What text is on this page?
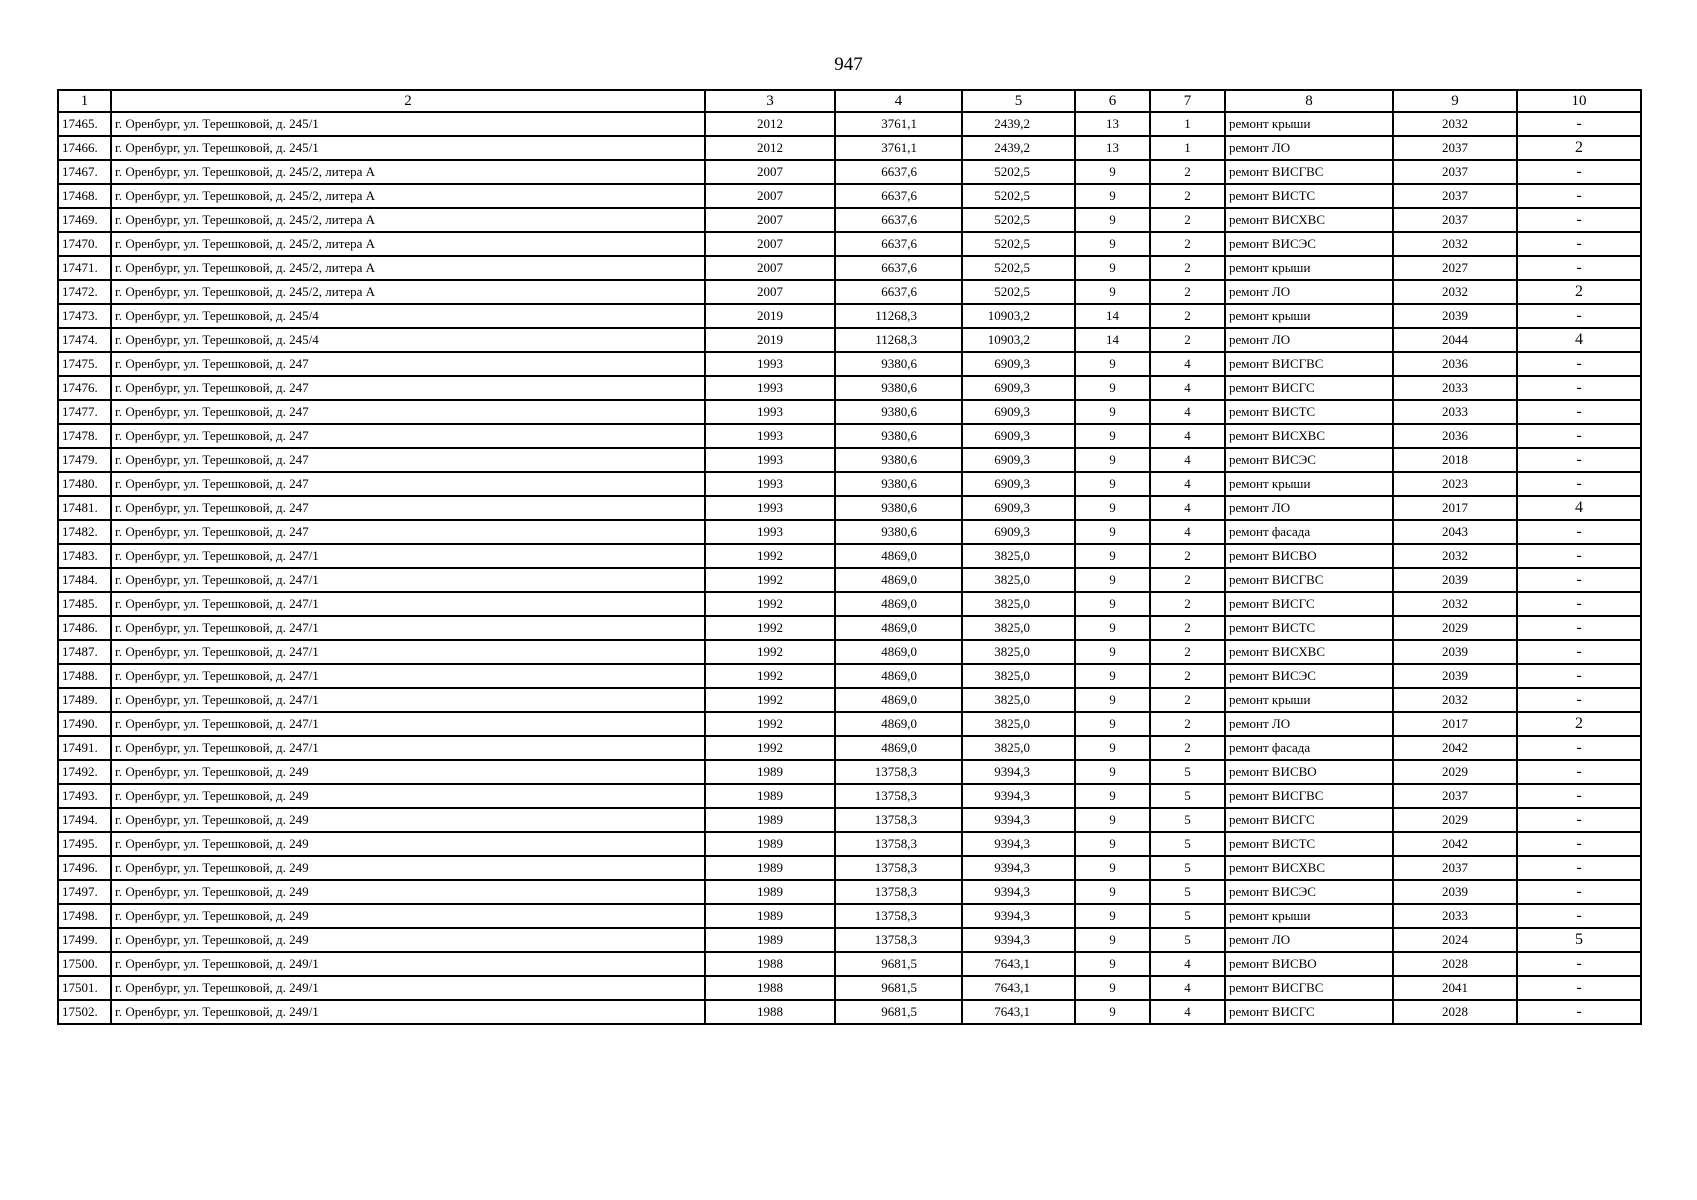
947
1	2	3	4	5	6	7	8	9	10
17465.	г. Оренбург, ул. Терешковой, д. 245/1	2012	3761,1	2439,2	13	1	ремонт крыши	2032	-
17466.	г. Оренбург, ул. Терешковой, д. 245/1	2012	3761,1	2439,2	13	1	ремонт ЛО	2037	2
17467.	г. Оренбург, ул. Терешковой, д. 245/2, литера А	2007	6637,6	5202,5	9	2	ремонт ВИСГВС	2037	-
17468.	г. Оренбург, ул. Терешковой, д. 245/2, литера А	2007	6637,6	5202,5	9	2	ремонт ВИСТС	2037	-
17469.	г. Оренбург, ул. Терешковой, д. 245/2, литера А	2007	6637,6	5202,5	9	2	ремонт ВИСХВС	2037	-
17470.	г. Оренбург, ул. Терешковой, д. 245/2, литера А	2007	6637,6	5202,5	9	2	ремонт ВИСЭС	2032	-
17471.	г. Оренбург, ул. Терешковой, д. 245/2, литера А	2007	6637,6	5202,5	9	2	ремонт крыши	2027	-
17472.	г. Оренбург, ул. Терешковой, д. 245/2, литера А	2007	6637,6	5202,5	9	2	ремонт ЛО	2032	2
17473.	г. Оренбург, ул. Терешковой, д. 245/4	2019	11268,3	10903,2	14	2	ремонт крыши	2039	-
17474.	г. Оренбург, ул. Терешковой, д. 245/4	2019	11268,3	10903,2	14	2	ремонт ЛО	2044	4
17475.	г. Оренбург, ул. Терешковой, д. 247	1993	9380,6	6909,3	9	4	ремонт ВИСГВС	2036	-
17476.	г. Оренбург, ул. Терешковой, д. 247	1993	9380,6	6909,3	9	4	ремонт ВИСГС	2033	-
17477.	г. Оренбург, ул. Терешковой, д. 247	1993	9380,6	6909,3	9	4	ремонт ВИСТС	2033	-
17478.	г. Оренбург, ул. Терешковой, д. 247	1993	9380,6	6909,3	9	4	ремонт ВИСХВС	2036	-
17479.	г. Оренбург, ул. Терешковой, д. 247	1993	9380,6	6909,3	9	4	ремонт ВИСЭС	2018	-
17480.	г. Оренбург, ул. Терешковой, д. 247	1993	9380,6	6909,3	9	4	ремонт крыши	2023	-
17481.	г. Оренбург, ул. Терешковой, д. 247	1993	9380,6	6909,3	9	4	ремонт ЛО	2017	4
17482.	г. Оренбург, ул. Терешковой, д. 247	1993	9380,6	6909,3	9	4	ремонт фасада	2043	-
17483.	г. Оренбург, ул. Терешковой, д. 247/1	1992	4869,0	3825,0	9	2	ремонт ВИСВО	2032	-
17484.	г. Оренбург, ул. Терешковой, д. 247/1	1992	4869,0	3825,0	9	2	ремонт ВИСГВС	2039	-
17485.	г. Оренбург, ул. Терешковой, д. 247/1	1992	4869,0	3825,0	9	2	ремонт ВИСГС	2032	-
17486.	г. Оренбург, ул. Терешковой, д. 247/1	1992	4869,0	3825,0	9	2	ремонт ВИСТС	2029	-
17487.	г. Оренбург, ул. Терешковой, д. 247/1	1992	4869,0	3825,0	9	2	ремонт ВИСХВС	2039	-
17488.	г. Оренбург, ул. Терешковой, д. 247/1	1992	4869,0	3825,0	9	2	ремонт ВИСЭС	2039	-
17489.	г. Оренбург, ул. Терешковой, д. 247/1	1992	4869,0	3825,0	9	2	ремонт крыши	2032	-
17490.	г. Оренбург, ул. Терешковой, д. 247/1	1992	4869,0	3825,0	9	2	ремонт ЛО	2017	2
17491.	г. Оренбург, ул. Терешковой, д. 247/1	1992	4869,0	3825,0	9	2	ремонт фасада	2042	-
17492.	г. Оренбург, ул. Терешковой, д. 249	1989	13758,3	9394,3	9	5	ремонт ВИСВО	2029	-
17493.	г. Оренбург, ул. Терешковой, д. 249	1989	13758,3	9394,3	9	5	ремонт ВИСГВС	2037	-
17494.	г. Оренбург, ул. Терешковой, д. 249	1989	13758,3	9394,3	9	5	ремонт ВИСГС	2029	-
17495.	г. Оренбург, ул. Терешковой, д. 249	1989	13758,3	9394,3	9	5	ремонт ВИСТС	2042	-
17496.	г. Оренбург, ул. Терешковой, д. 249	1989	13758,3	9394,3	9	5	ремонт ВИСХВС	2037	-
17497.	г. Оренбург, ул. Терешковой, д. 249	1989	13758,3	9394,3	9	5	ремонт ВИСЭС	2039	-
17498.	г. Оренбург, ул. Терешковой, д. 249	1989	13758,3	9394,3	9	5	ремонт крыши	2033	-
17499.	г. Оренбург, ул. Терешковой, д. 249	1989	13758,3	9394,3	9	5	ремонт ЛО	2024	5
17500.	г. Оренбург, ул. Терешковой, д. 249/1	1988	9681,5	7643,1	9	4	ремонт ВИСВО	2028	-
17501.	г. Оренбург, ул. Терешковой, д. 249/1	1988	9681,5	7643,1	9	4	ремонт ВИСГВС	2041	-
17502.	г. Оренбург, ул. Терешковой, д. 249/1	1988	9681,5	7643,1	9	4	ремонт ВИСГС	2028	-
